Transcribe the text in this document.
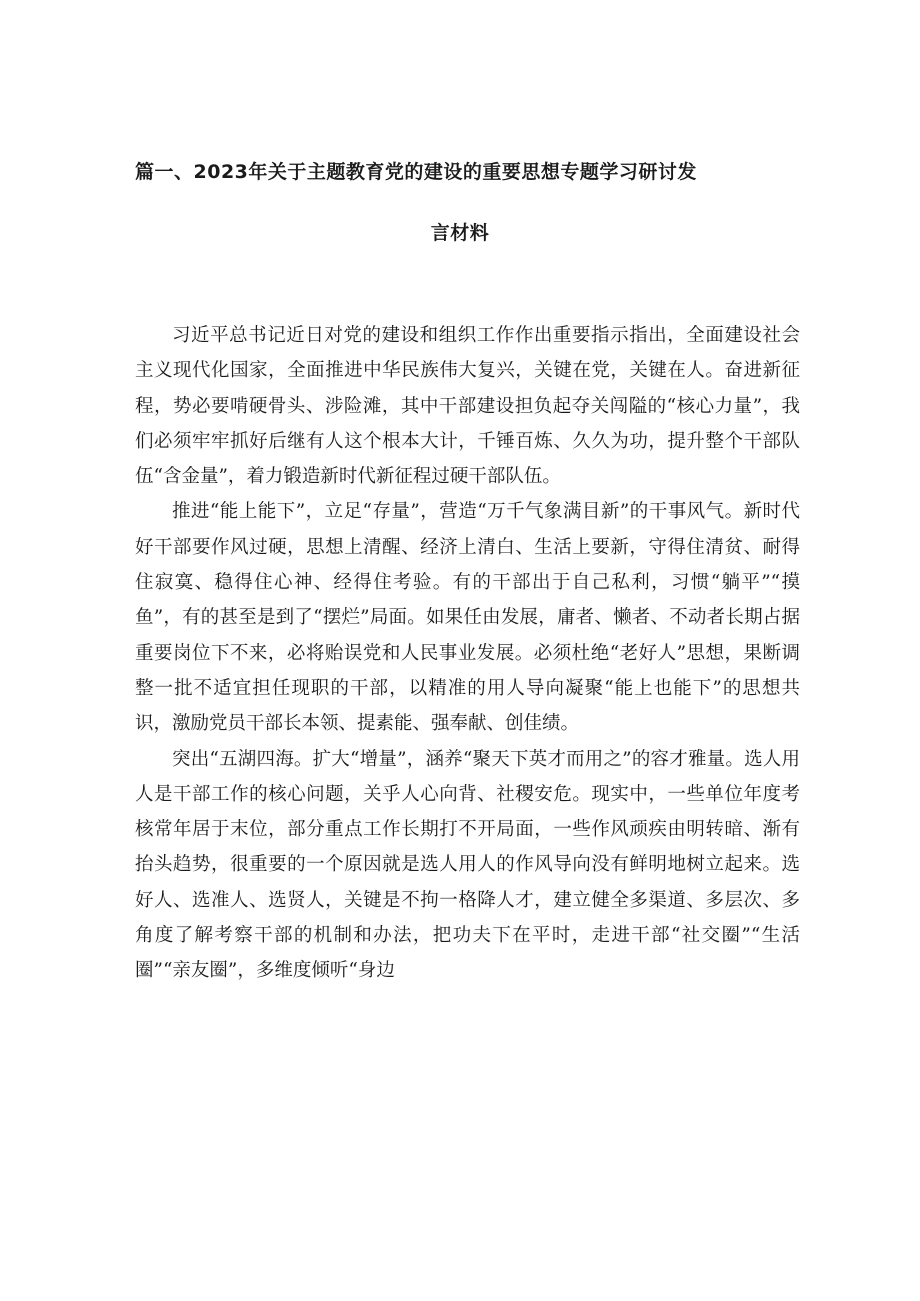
篇一、2023年关于主题教育党的建设的重要思想专题学习研讨发
言材料

习近平总书记近日对党的建设和组织工作作出重要指示指出，全面建设社会主义现代化国家，全面推进中华民族伟大复兴，关键在党，关键在人。奋进新征程，势必要啃硬骨头、涉险滩，其中干部建设担负起夺关闯隘的“核心力量”，我们必须牢牢抓好后继有人这个根本大计，千锤百炼、久久为功，提升整个干部队伍“含金量”，着力锻造新时代新征程过硬干部队伍。

推进“能上能下”，立足“存量”，营造“万千气象满目新”的干事风气。新时代好干部要作风过硬，思想上清醒、经济上清白、生活上要新，守得住清贫、耐得住寂寞、稳得住心神、经得住考验。有的干部出于自己私利，习惯“躺平”“摸鱼”，有的甚至是到了“摆烂”局面。如果任由发展，庸者、懒者、不动者长期占据重要岗位下不来，必将贻误党和人民事业发展。必须杜绝“老好人”思想，果断调整一批不适宜担任现职的干部，以精准的用人导向凝聚“能上也能下”的思想共识，激励党员干部长本领、提素能、强奉献、创佳绩。

突出“五湖四海。扩大“增量”，涵养“聚天下英才而用之”的容才雅量。选人用人是干部工作的核心问题，关乎人心向背、社稷安危。现实中，一些单位年度考核常年居于末位，部分重点工作长期打不开局面，一些作风顽疾由明转暗、渐有抬头趋势，很重要的一个原因就是选人用人的作风导向没有鲜明地树立起来。选好人、选准人、选贤人，关键是不拘一格降人才，建立健全多渠道、多层次、多角度了解考察干部的机制和办法，把功夫下在平时，走进干部“社交圈”“生活圈”“亲友圈”，多维度倾听“身边
